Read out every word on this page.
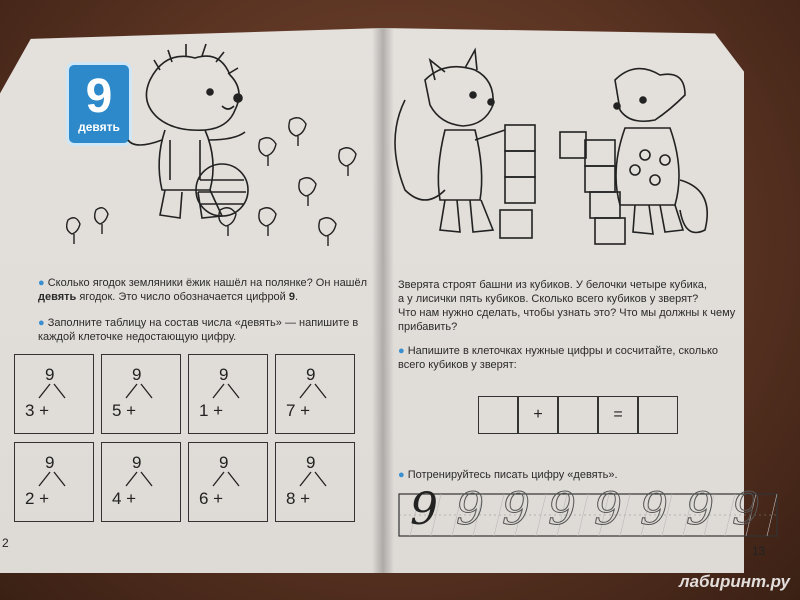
9
девять
● Сколько ягодок земляники ёжик нашёл на полянке? Он нашёл
девять ягодок. Это число обозначается цифрой 9.
● Заполните таблицу на состав числа «девять» — напишите в
каждой клеточке недостающую цифру.
9
3 +
9
5 +
9
1 +
9
7 +
9
2 +
9
4 +
9
6 +
9
8 +
2
Зверята строят башни из кубиков. У белочки четыре кубика,
а у лисички пять кубиков. Сколько всего кубиков у зверят?
Что нам нужно сделать, чтобы узнать это? Что мы должны к чему
прибавить?
● Напишите в клеточках нужные цифры и сосчитайте, сколько
всего кубиков у зверят:
+	=
● Потренируйтесь писать цифру «девять».
9 9 9 9 9 9 9 9
13
лабиринт.ру
